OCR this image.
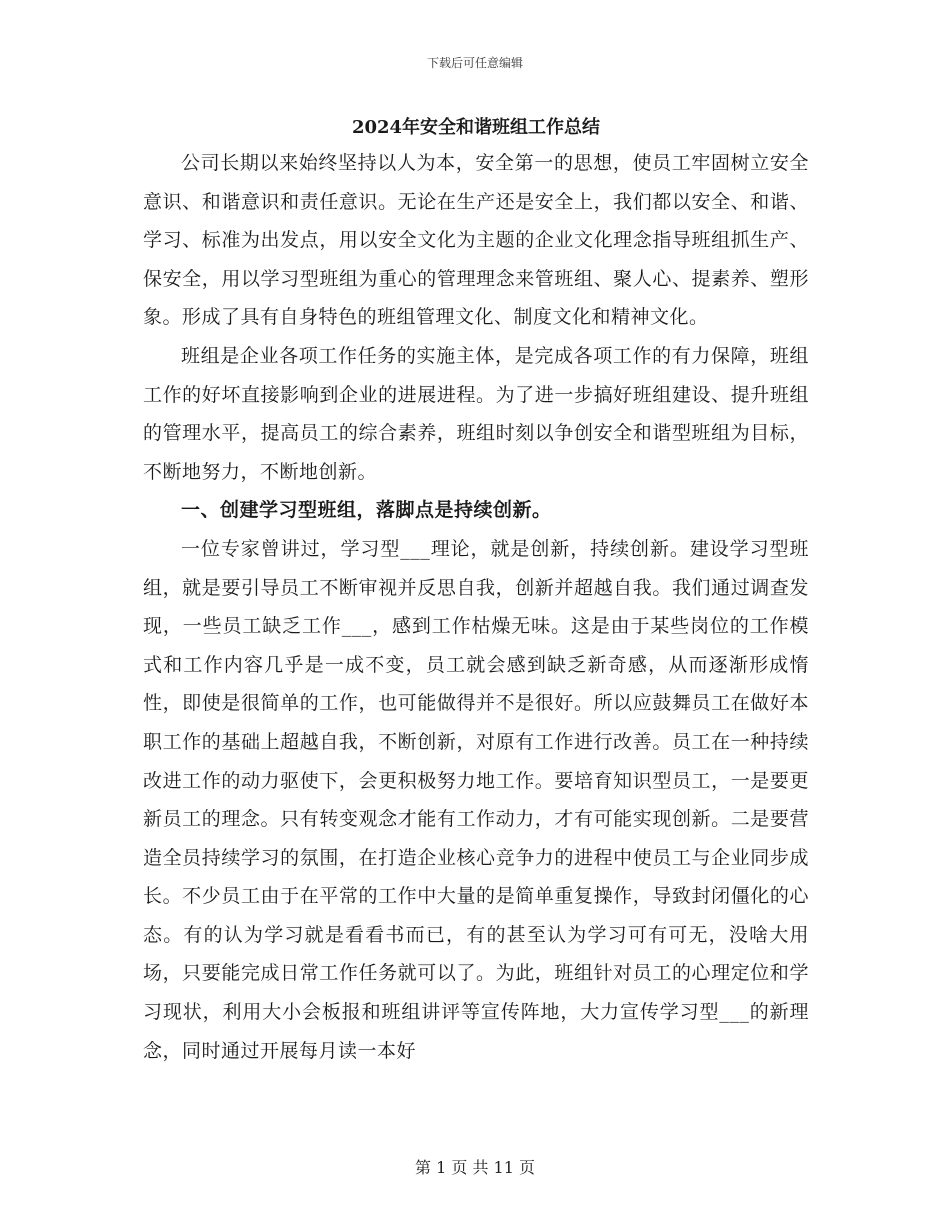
下载后可任意编辑
2024年安全和谐班组工作总结

公司长期以来始终坚持以人为本，安全第一的思想，使员工牢固树立安全意识、和谐意识和责任意识。无论在生产还是安全上，我们都以安全、和谐、学习、标准为出发点，用以安全文化为主题的企业文化理念指导班组抓生产、保安全，用以学习型班组为重心的管理理念来管班组、聚人心、提素养、塑形象。形成了具有自身特色的班组管理文化、制度文化和精神文化。

班组是企业各项工作任务的实施主体，是完成各项工作的有力保障，班组工作的好坏直接影响到企业的进展进程。为了进一步搞好班组建设、提升班组的管理水平，提高员工的综合素养，班组时刻以争创安全和谐型班组为目标，不断地努力，不断地创新。

一、创建学习型班组，落脚点是持续创新。

一位专家曾讲过，学习型___理论，就是创新，持续创新。建设学习型班组，就是要引导员工不断审视并反思自我，创新并超越自我。我们通过调查发现，一些员工缺乏工作___，感到工作枯燥无味。这是由于某些岗位的工作模式和工作内容几乎是一成不变，员工就会感到缺乏新奇感，从而逐渐形成惰性，即使是很简单的工作，也可能做得并不是很好。所以应鼓舞员工在做好本职工作的基础上超越自我，不断创新，对原有工作进行改善。员工在一种持续改进工作的动力驱使下，会更积极努力地工作。要培育知识型员工，一是要更新员工的理念。只有转变观念才能有工作动力，才有可能实现创新。二是要营造全员持续学习的氛围，在打造企业核心竞争力的进程中使员工与企业同步成长。不少员工由于在平常的工作中大量的是简单重复操作，导致封闭僵化的心态。有的认为学习就是看看书而已，有的甚至认为学习可有可无，没啥大用场，只要能完成日常工作任务就可以了。为此，班组针对员工的心理定位和学习现状，利用大小会板报和班组讲评等宣传阵地，大力宣传学习型___的新理念，同时通过开展每月读一本好

第 1 页 共 11 页
